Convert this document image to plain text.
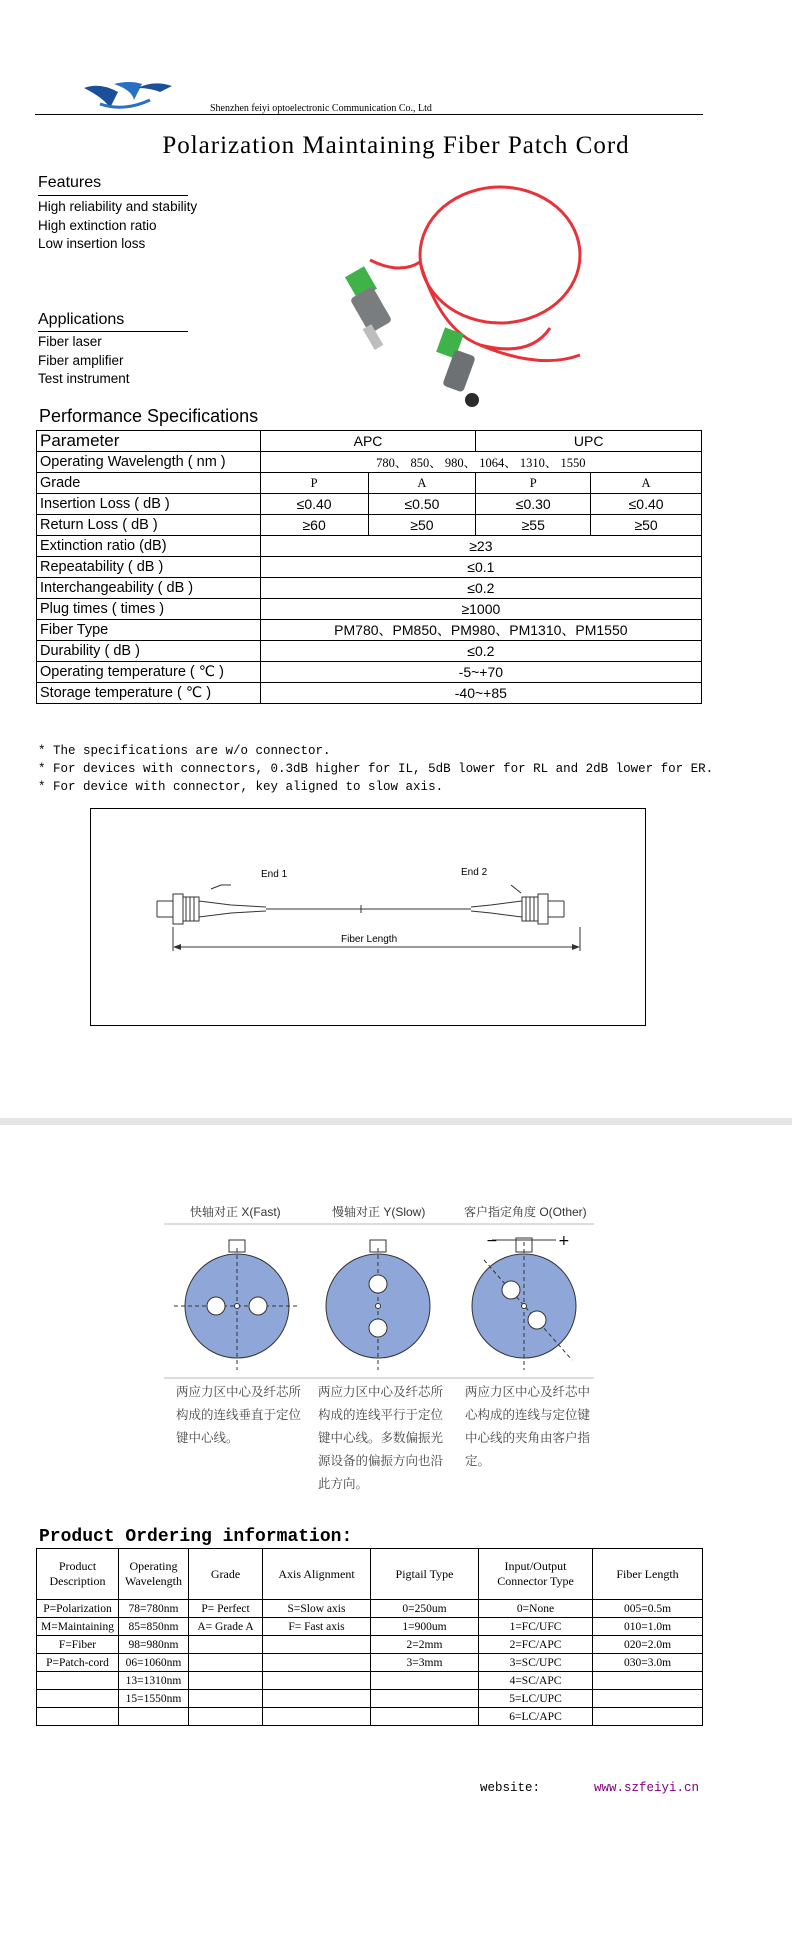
Shenzhen feiyi optoelectronic Communication Co., Ltd
Polarization Maintaining Fiber Patch Cord
Features
High reliability and stability
High extinction ratio
Low insertion loss
Applications
Fiber laser
Fiber amplifier
Test instrument
Performance Specifications
Parameter	APC		UPC	
Operating Wavelength ( nm )	780、 850、 980、 1064、 1310、 1550			
Grade	P	A	P	A
Insertion Loss ( dB )	≤0.40	≤0.50	≤0.30	≤0.40
Return Loss ( dB )	≥60	≥50	≥55	≥50
Extinction ratio (dB)	≥23			
Repeatability ( dB )	≤0.1			
Interchangeability ( dB )	≤0.2			
Plug times ( times )	≥1000			
Fiber Type	PM780、PM850、PM980、PM1310、PM1550			
Durability ( dB )	≤0.2			
Operating temperature ( ℃ )	-5~+70			
Storage temperature ( ℃ )	-40~+85			
* The specifications are w/o connector.
* For devices with connectors, 0.3dB higher for IL, 5dB lower for RL and 2dB lower for ER.
* For device with connector, key aligned to slow axis.
End 1	End 2
Fiber Length
快轴对正 X(Fast)	慢轴对正 Y(Slow)	客户指定角度 O(Other)
−	+
两应力区中心及纤芯所
构成的连线垂直于定位
键中心线。
两应力区中心及纤芯所
构成的连线平行于定位
键中心线。多数偏振光
源设备的偏振方向也沿
此方向。
两应力区中心及纤芯中
心构成的连线与定位键
中心线的夹角由客户指
定。
Product Ordering information:
Product Description	Operating Wavelength	Grade	Axis Alignment	Pigtail Type	Input/Output Connector Type	Fiber Length
P=Polarization	78=780nm	P= Perfect	S=Slow axis	0=250um	0=None	005=0.5m
M=Maintaining	85=850nm	A= Grade A	F= Fast axis	1=900um	1=FC/UFC	010=1.0m
F=Fiber	98=980nm			2=2mm	2=FC/APC	020=2.0m
P=Patch-cord	06=1060nm			3=3mm	3=SC/UPC	030=3.0m
	13=1310nm				4=SC/APC	
	15=1550nm				5=LC/UPC	
					6=LC/APC	
website:	www.szfeiyi.cn
